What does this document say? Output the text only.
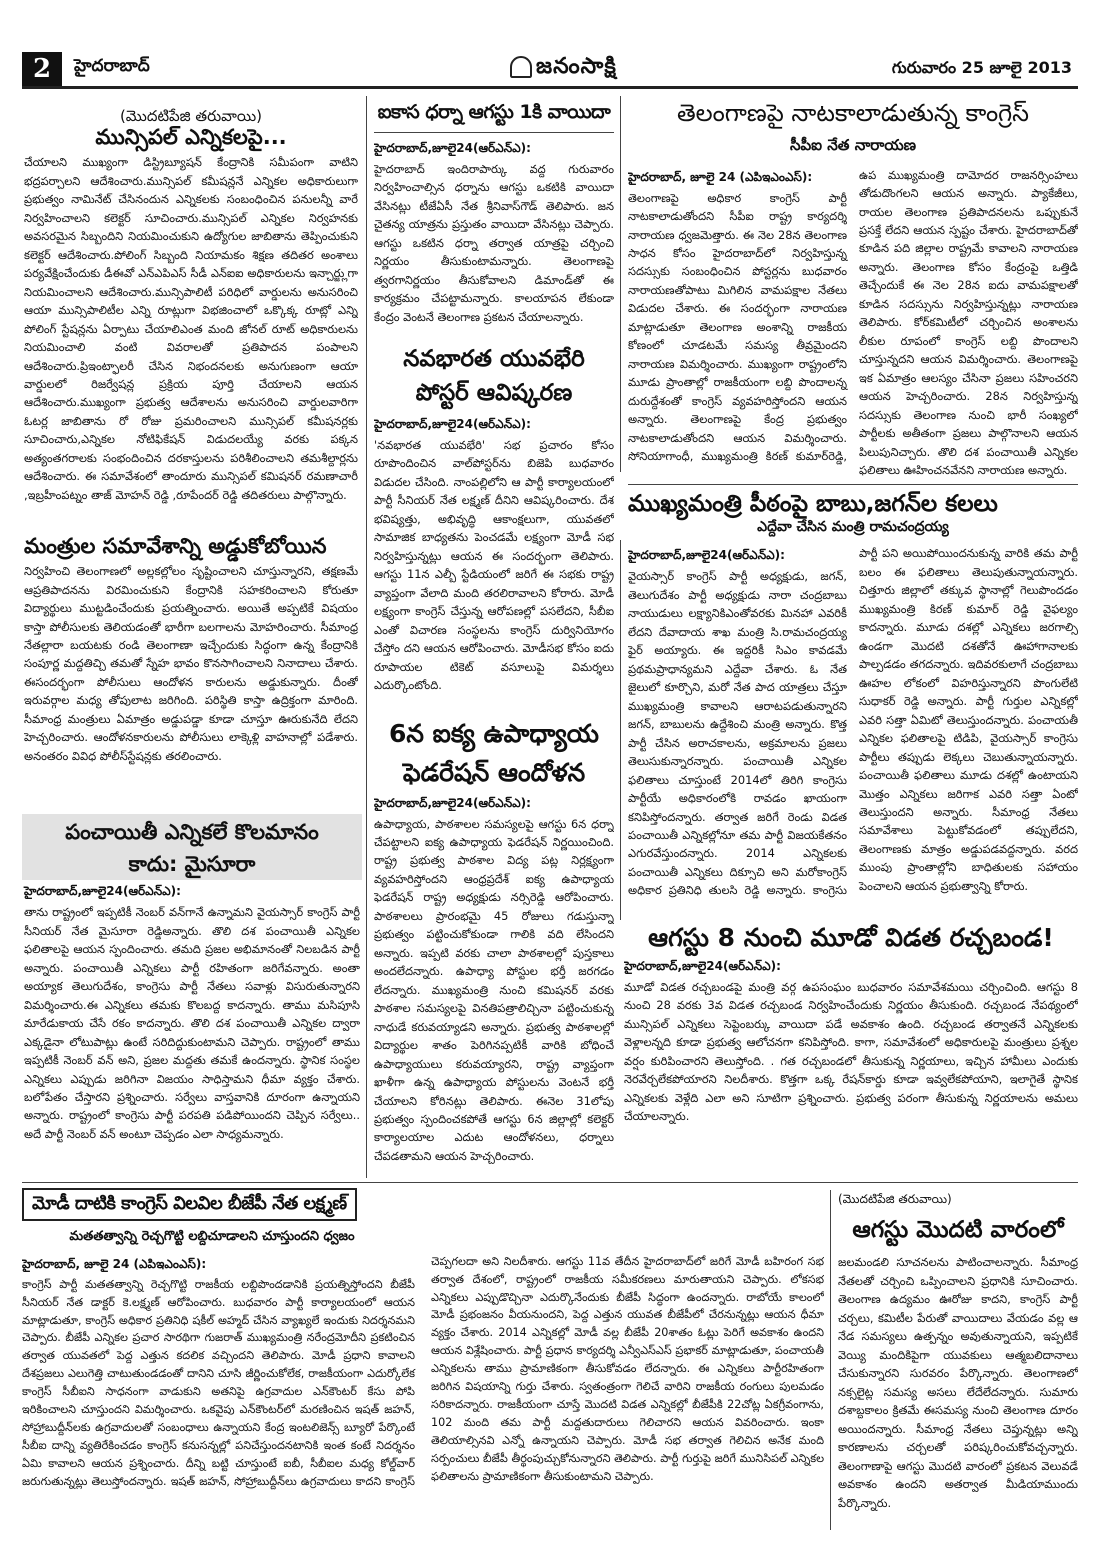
2	హైదరాబాద్	జనంసాక్షి	గురువారం 25 జూలై 2013
(మొదటిపేజి తరువాయి)
మున్సిపల్ ఎన్నికలపై...

చేయాలని ముఖ్యంగా డిస్ట్రిబ్యూషన్ కేంద్రానికి సమీపంగా వాటిని భద్రపర్చాలని ఆదేశించారు.మున్సిపల్ కమీషన్లనే ఎన్నికల అధికారులుగా ప్రభుత్వం నామినేట్ చేసినందున ఎన్నికలకు సంబంధించిన పనులన్నీ వారే నిర్వహించాలని కలెక్టర్ సూచించారు.మున్సిపల్ ఎన్నికల నిర్వహనకు అవసరమైన సిబ్బందిని నియమించుకుని ఉద్యోగుల జాబితాను తెప్పించుకుని కలెక్టర్ ఆదేశించారు.పోలింగ్ సిబ్బంది నియామకం శిక్షణ తదితర అంశాలు పర్యవేక్షించేందుకు డీఈవో ఎన్ఎపిఎస్ సీడీ ఎన్ఐఐ అధికారులను ఇన్చార్జ్లుగా నియమించాలని ఆదేశించారు.మున్సిపాలిటీ పరిధిలో వార్డులను అనుసరించి ఆయా మున్సిపాలిటీల ఎన్ని రూట్లుగా విభజించాలో ఒక్కొక్క రూట్లో ఎన్ని పోలింగ్ స్టేషన్లను ఏర్పాటు చేయాలిఎంత మంది జోనల్ రూట్ అధికారులను నియమించాలి వంటి వివరాలతో ప్రతిపాదన పంపాలని ఆదేశించారు.ప్రిఇంట్ఫాలరీ చేసిన నిభందనలకు అనుగుణంగా ఆయా వార్డులలో రిజర్వేషన్ల ప్రక్రియ పూర్తి చేయాలని ఆయన ఆదేశించారు.ముఖ్యంగా ప్రభుత్వ ఆదేశాలను అనుసరించి వార్డులవారిగా ఓటర్ల జాబితాను రో రోజు ప్రమరించాలని మున్సిపల్ కమీషనర్లకు సూచించారు,ఎన్నికల నోటిఫికేషన్ విడుదలయ్యే వరకు పక్కన అత్యంతగరాలకు సంభందించిన దరకాస్తులను పరిశీలించాలని తమశీల్దార్లను ఆదేశించారు. ఈ సమావేశంలో తాందూరు మున్సిపల్ కమిషనర్ రమణాచారీ ,ఇబ్రహీంపట్నం తాజ్ మోహన్ రెడ్డి ,రూపేందర్ రెడ్డి తదితరులు పాల్గొన్నారు.

మంత్రుల సమావేశాన్ని అడ్డుకోబోయిన

నిర్వహించి తెలంగాణలో అల్లకల్లోలం సృష్టించాలని చూస్తున్నారని, తక్షణమే ఆప్రతిపాదనను విరమించుకుని కేంద్రానికి సహకరించాలని కోరుతూ విద్యార్థులు ముట్టడించేందుకు ప్రయత్నించారు. అయితే అప్పటికే విషయం కాస్తా పోలీసులకు తెలియడంతో భారీగా బలగాలను మోహరించారు. సీమాంధ్ర నేతల్లారా బయటకు రండి తెలంగాణా ఇచ్చేందుకు సిద్ధంగా ఉన్న కేంద్రానికి సంపూర్ణ మద్దతిచ్చి తమతో స్నేహ భావం కొనసాగించాలని నినాదాలు చేశారు. ఈసందర్భంగా పోలీసులు ఆందోళన కారులను అడ్డుకున్నారు. దీంతో ఇరువర్గాల మధ్య తోపులాట జరిగింది. పరిస్థితి కాస్తా ఉద్రిక్తంగా మారింది. సీమాంధ్ర మంత్రులు ఏమాత్రం అడ్డుపడ్డా కూడా చూస్తూ ఊరుకునేది లేదని హెచ్చరించారు. ఆందోళనకారులను పోలీసులు లాక్కెళ్లి వాహనాల్లో పడేశారు. అనంతరం వివిధ పోలీస్‌స్టేషన్లకు తరలించారు.

పంచాయితీ ఎన్నికలే కొలమానం
కాదు: మైసూరా
హైదరాబాద్,జూలై24(ఆర్ఎన్ఎ):

తాను రాష్ట్రంలో ఇప్పటికీ నెంబర్ వన్‌గానే ఉన్నామని వైయస్సార్ కాంగ్రెస్ పార్టీ సీనియర్ నేత మైసూరా రెడ్డిఅన్నారు. తొలి దశ పంచాయితీ ఎన్నికల ఫలితాలపై ఆయన స్పందించారు. తమది ప్రజల అభిమానంతో నిలబడిన పార్టీ అన్నారు. పంచాయితీ ఎన్నికలు పార్టీ రహితంగా జరిగేవన్నారు. అంతా అయ్యాక తెలుగుదేశం, కాంగ్రెసు పార్టీ నేతలు సవాళ్లు విసురుతున్నారని విమర్శించారు.ఈ ఎన్నికలు తమకు కొలబద్ద కాదన్నారు. తాము మసిపూసి మారేడుకాయ చేసే రకం కాదన్నారు. తొలి దశ పంచాయితీ ఎన్నికల ద్వారా ఎక్కడైనా లోటుపాట్లు ఉంటే సరిదిద్దుకుంటామని చెప్పారు. రాష్ట్రంలో తాము ఇప్పటికీ నెంబర్ వన్ అని, ప్రజల మద్దతు తమకే ఉందన్నారు. స్థానిక సంస్థల ఎన్నికలు ఎప్పుడు జరిగినా విజయం సాధిస్తామని ధీమా వ్యక్తం చేశారు. బలోపేతం చేస్తారని ప్రశ్నించారు. సర్వేలు వాస్తవానికి దూరంగా ఉన్నాయని అన్నారు. రాష్ట్రంలో కాంగ్రెసు పార్టీ పరపతి పడిపోయిందని చెప్పిన సర్వేలు.. అదే పార్టీ నెంబర్ వన్ అంటూ చెప్పడం ఎలా సాధ్యమన్నారు.

ఐకాస ధర్నా ఆగస్టు 1కి వాయిదా
హైదరాబాద్,జూలై24(ఆర్ఎన్ఎ):

హైదరాబాద్ ఇందిరాపార్కు వద్ద గురువారం నిర్వహించాల్సిన ధర్నాను ఆగస్టు ఒకటికి వాయిదా వేసినట్లు టీజేఏసీ నేత శ్రీనివాస్‌గౌడ్ తెలిపారు. జన చైతన్య యాత్రను ప్రస్తుతం వాయిదా వేసినట్లు చెప్పారు. ఆగస్టు ఒకటిన ధర్నా తర్వాత యాత్రపై చర్చించి నిర్ణయం తీసుకుంటామన్నారు. తెలంగాణపై త్వరగానిర్ణయం తీసుకోవాలని డిమాండ్‌తో ఈ కార్యక్రమం చేపట్టామన్నారు. కాలయాపన లేకుండా కేంద్రం వెంటనే తెలంగాణ ప్రకటన చేయాలన్నారు.

నవభారత యువభేరి
పోస్టర్ ఆవిష్కరణ
హైదరాబాద్,జూలై24(ఆర్ఎన్ఎ):

'నవభారత యువభేరి' సభ ప్రచారం కోసం రూపొందించిన వాల్‌పోస్టర్‌ను బిజెపి బుధవారం విడుదల చేసింది. నాంపల్లిలోని ఆ పార్టీ కార్యాలయంలో పార్టీ సీనియర్ నేత లక్ష్మణ్ దీనిని ఆవిష్కరించారు. దేశ భవిష్యత్తు, అభివృద్ధి ఆకాంక్షలుగా, యువతలో సామాజిక బాధ్యతను పెంచడమే లక్ష్యంగా మోడీ సభ నిర్వహిస్తున్నట్లు ఆయన ఈ సందర్భంగా తెలిపారు. ఆగస్టు 11న ఎల్బీ స్టేడియంలో జరిగే ఈ సభకు రాష్ట్ర వ్యాప్తంగా వేలాది మంది తరలిరావాలని కోరారు. మోడీ లక్ష్యంగా కాంగ్రెస్ చేస్తున్న ఆరోపణల్లో పసలేదని, సీబీఐ ఎంతో విచారణ సంస్థలను కాంగ్రెస్ దుర్వినియోగం చేస్తోం దని ఆయన ఆరోపించారు. మోడీసభ కోసం ఐదు రూపాయల టికెట్ వసూలుపై విమర్శలు ఎదుర్కొంటోంది.

6న ఐక్య ఉపాధ్యాయ
ఫెడరేషన్ ఆందోళన
హైదరాబాద్,జూలై24(ఆర్ఎన్ఎ):

ఉపాధ్యాయ, పాఠశాలల సమస్యలపై ఆగస్టు 6న ధర్నా చేపట్టాలని ఐక్య ఉపాధ్యాయ ఫెడరేషన్ నిర్ణయించింది. రాష్ట్ర ప్రభుత్వ పాఠశాల విద్య పట్ల నిర్లక్ష్యంగా వ్యవహరిస్తోందని ఆంధ్రప్రదేశ్ ఐక్య ఉపాధ్యాయ ఫెడరేషన్ రాష్ట్ర అధ్యక్షుడు నర్సిరెడ్డి ఆరోపించారు. పాఠశాలలు ప్రారంభమై 45 రోజులు గడుస్తున్నా ప్రభుత్వం పట్టించుకోకుండా గాలికి వది లేసిందని అన్నారు. ఇప్పటి వరకు చాలా పాఠశాలల్లో పుస్తకాలు అందలేదన్నారు. ఉపాధ్యా పోస్టుల భర్తీ జరగడం లేదన్నారు. ముఖ్యమంత్రి నుంచి కమిషనర్ వరకు పాఠశాల సమస్యలపై వినతిపత్రాలిచ్చినా పట్టించుకున్న నాధుడే కరువయ్యాడని అన్నారు. ప్రభుత్వ పాఠశాలల్లో విద్యార్థుల శాతం పెరిగినప్పటికీ వారికి బోధించే ఉపాధ్యాయులు కరువయ్యారని, రాష్ట్ర వ్యాప్తంగా ఖాళీగా ఉన్న ఉపాధ్యాయ పోస్టులను వెంటనే భర్తీ చేయాలని కోరినట్లు తెలిపారు. ఈనెల 31లోపు ప్రభుత్వం స్పందించకపోతే ఆగస్టు 6న జిల్లాల్లో కలెక్టర్ కార్యాలయాల ఎదుట ఆందోళనలు, ధర్నాలు చేపడతామని ఆయన హెచ్చరించారు.

తెలంగాణపై నాటకాలాడుతున్న కాంగ్రెస్
సీపీఐ నేత నారాయణ
హైదరాబాద్, జూలై 24 (ఎపిఇఎంఎస్):

తెలంగాణపై అధికార కాంగ్రెస్ పార్టీ నాటకాలాడుతోందని సీపీఐ రాష్ట్ర కార్యదర్శి నారాయణ ధ్వజమెత్తారు. ఈ నెల 28న తెలంగాణ సాధన కోసం హైదరాబాద్‌లో నిర్వహిస్తున్న సదస్సుకు సంబంధించిన పోస్టర్లను బుధవారం నారాయణతోపాటు మిగిలిన వామపక్షాల నేతలు విడుదల చేశారు. ఈ సందర్భంగా నారాయణ మాట్లాడుతూ తెలంగాణ అంశాన్ని రాజకీయ కోణంలో చూడటమే సమస్య తీవ్రమైందని నారాయణ విమర్శించారు. ముఖ్యంగా రాష్ట్రంలోని మూడు ప్రాంతాల్లో రాజకీయంగా లబ్ది పొందాలన్న దురుద్దేశంతో కాంగ్రెస్ వ్యవహరిస్తోందని ఆయన అన్నారు. తెలంగాణపై కేంద్ర ప్రభుత్వం నాటకాలాడుతోందని ఆయన విమర్శించారు. సోనియాగాంధీ, ముఖ్యమంత్రి కిరణ్ కుమార్‌రెడ్డి, ఉప ముఖ్యమంత్రి దామోదర రాజనర్సింహలు తోడుదొంగలని ఆయన అన్నారు. ప్యాకేజీలు, రాయల తెలంగాణ ప్రతిపాదనలను ఒప్పుకునే ప్రసక్తే లేదని ఆయన స్పష్టం చేశారు. హైదరాబాద్‌తో కూడిన పది జిల్లాల రాష్ట్రమే కావాలని నారాయణ అన్నారు. తెలంగాణ కోసం కేంద్రంపై ఒత్తిడి తెచ్చేందుకే ఈ నెల 28న ఐదు వామపక్షాలతో కూడిన సదస్సును నిర్వహిస్తున్నట్లు నారాయణ తెలిపారు. కోర్‌కమిటీలో చర్చించిన అంశాలను లీకుల రూపంలో కాంగ్రెస్ లబ్ది పొందాలని చూస్తున్నదని ఆయన విమర్శించారు. తెలంగాణపై ఇక ఏమాత్రం ఆలస్యం చేసినా ప్రజలు సహించరని ఆయన హెచ్చరించారు. 28న నిర్వహిస్తున్న సదస్సుకు తెలంగాణ నుంచి భారీ సంఖ్యలో పార్టీలకు అతీతంగా ప్రజలు పాల్గొనాలని ఆయన పిలుపునిచ్చారు. తొలి దశ పంచాయితీ ఎన్నికల ఫలితాలు ఊహించనవేనని నారాయణ అన్నారు.

ముఖ్యమంత్రి పీఠంపై బాబు,జగన్‌ల కలలు
ఎద్దేవా చేసిన మంత్రి రామచంద్రయ్య
హైదరాబాద్,జూలై24(ఆర్ఎన్ఎ):

వైయస్సార్ కాంగ్రెస్ పార్టీ అధ్యక్షుడు, జగన్, తెలుగుదేశం పార్టీ అధ్యక్షుడు నారా చంద్రబాబు నాయుడులు లక్ష్యానికిఎంతోవరకు మినహా ఎవరికీ లేదని దేవాదాయ శాఖ మంత్రి సి.రామచంద్రయ్య ఫైర్ అయ్యారు. ఈ ఇద్దరికీ సిఎం కావడమే ప్రథమప్రాధాన్యమని ఎద్దేవా చేశారు. ఓ నేత జైలులో కూర్చొని, మరో నేత పాద యాత్రలు చేస్తూ ముఖ్యమంత్రి కావాలని ఆరాటపడుతున్నారని జగన్, బాబులను ఉద్దేశించి మంత్రి అన్నారు. కొత్త పార్టీ చేసిన అరాచకాలను, అక్రమాలను ప్రజలు తెలుసుకున్నారన్నారు. పంచాయితీ ఎన్నికల ఫలితాలు చూస్తుంటే 2014లో తిరిగి కాంగ్రెసు పార్టీయే అధికారంలోకి రావడం ఖాయంగా కనిపిస్తోందన్నారు. తర్వాత జరిగే రెండు విడత పంచాయితీ ఎన్నికల్లోనూ తమ పార్టీ విజయకేతనం ఎగురవేస్తుందన్నారు. 2014 ఎన్నికలకు పంచాయితీ ఎన్నికలు దిక్సూచి అని మరోకాంగ్రెస్ అధికార ప్రతినిధి తులసి రెడ్డి అన్నారు. కాంగ్రెసు పార్టీ పని అయిపోయిందనుకున్న వారికి తమ పార్టీ బలం ఈ ఫలితాలు తెలుపుతున్నాయన్నారు. చిత్తూరు జిల్లాలో తక్కువ స్థానాల్లో గెలుపొందడం ముఖ్యమంత్రి కిరణ్ కుమార్ రెడ్డి వైఫల్యం కాదన్నారు. మూడు దశల్లో ఎన్నికలు జరగాల్సి ఉండగా మొదటి దశతోనే ఊహాగానాలకు పాల్పడడం తగదన్నారు. ఇదివరకులాగే చంద్రబాబు ఊహల లోకంలో విహరిస్తున్నారని పొంగులేటి సుధాకర్ రెడ్డి అన్నారు. పార్టీ గుర్తుల ఎన్నికల్లో ఎవరి సత్తా ఏమిటో తెలుస్తుందన్నారు. పంచాయతీ ఎన్నికల ఫలితాలపై టిడిపి, వైయస్సార్ కాంగ్రెసు పార్టీలు తప్పుడు లెక్కలు చెబుతున్నాయన్నారు. పంచాయితీ ఫలితాలు మూడు దశల్లో ఉంటాయని మొత్తం ఎన్నికలు జరిగాక ఎవరి సత్తా ఏంటో తెలుస్తుందని అన్నారు. సీమాంధ్ర నేతలు సమావేశాలు పెట్టుకోవడంలో తప్పులేదని, తెలంగాణకు మాత్రం అడ్డుపడవద్దన్నారు. వరద ముంపు ప్రాంతాల్లోని బాధితులకు సహాయం పెంచాలని ఆయన ప్రభుత్వాన్ని కోరారు.

ఆగస్టు 8 నుంచి మూడో విడత రచ్చబండ!
హైదరాబాద్,జూలై24(ఆర్ఎన్ఎ):

మూడో విడత రచ్చబండపై మంత్రి వర్గ ఉపసంఘం బుధవారం సమావేశమయి చర్చించింది. ఆగస్టు 8 నుంచి 28 వరకు 3వ విడత రచ్చబండ నిర్వహించేందుకు నిర్ణయం తీసుకుంది. రచ్చబండ నేపథ్యంలో మున్సిపల్ ఎన్నికలు సెప్టెంబర్కు వాయిదా పడే అవకాశం ఉంది. రచ్చబండ తర్వాతనే ఎన్నికలకు వెళ్లాలన్నది కూడా ప్రభుత్వ ఆలోచనగా కనిపిస్తోంది. కాగా, సమావేశంలో అధికారులపై మంత్రులు ప్రశ్నల వర్షం కురిపించారని తెలుస్తోంది. . గత రచ్చబండలో తీసుకున్న నిర్ణయాలు, ఇచ్చిన హామీలు ఎందుకు నెరవేర్చలేకపోయారని నిలదీశారు. కొత్తగా ఒక్క రేషన్‌కార్డు కూడా ఇవ్వలేకపోయాని, ఇలాగైతే స్థానిక ఎన్నికలకు వెళ్లేది ఎలా అని సూటిగా ప్రశ్నించారు. ప్రభుత్వ పరంగా తీసుకున్న నిర్ణయాలను అమలు చేయాలన్నారు.

మోడీ దాటికి కాంగ్రెస్ విలవిల బీజేపీ నేత లక్ష్మణ్
మతతత్వాన్ని రెచ్చగొట్టి లబ్దిచూడాలని చూస్తుందని ధ్వజం
హైదరాబాద్, జూలై 24 (ఎపిఇఎంఎస్):

కాంగ్రెస్ పార్టీ మతతత్వాన్ని రెచ్చగొట్టి రాజకీయ లబ్దిపొందడానికి ప్రయత్నిస్తోందని బీజేపీ సీనియర్ నేత డాక్టర్ కె.లక్ష్మణ్ ఆరోపించారు. బుధవారం పార్టీ కార్యాలయంలో ఆయన మాట్లాడుతూ, కాంగ్రెస్ అధికార ప్రతినిధి షకీల్ అహ్మద్ చేసిన వ్యాఖ్యలే ఇందుకు నిదర్శనమని చెప్పారు. బీజేపీ ఎన్నికల ప్రచార సారథిగా గుజరాత్ ముఖ్యమంత్రి నరేంద్రమోదీని ప్రకటించిన తర్వాత యువతలో పెద్ద ఎత్తున కదలిక వచ్చిందని తెలిపారు. మోడీ ప్రధాని కావాలని దేశప్రజలు ఎలుగెత్తి చాటుతుండడంతో దానిని చూసి జీర్ణించుకోలేక, రాజకీయంగా ఎదుర్కోలేక కాంగ్రెస్ సీబీఐని సాధనంగా వాడుకుని అతనిపై ఉగ్రవాదుల ఎన్‌కౌంటర్ కేసు పోపి ఇరికించాలని చూస్తుందని విమర్శించారు. ఒకవైపు ఎన్‌కౌంటర్‌లో మరణించిన ఇషత్ జహన్, సోహ్రాబుద్దీన్‌లకు ఉగ్రవాదులతో సంబంధాలు ఉన్నాయని కేంద్ర ఇంటలిజెన్స్ బ్యూరో పేర్కొంటే సీబీఐ దాన్ని వ్యతిరేకించడం కాంగ్రెస్ కనుసన్నల్లో పనిచేస్తుందనటానికి ఇంత కంటే నిదర్శనం ఏమి కావాలని ఆయన ప్రశ్నించారు. దీన్ని బట్టి చూస్తుంటే ఐబీ, సీబీఐల మధ్య కోల్డ్‌వార్ జరుగుతున్నట్లు తెలుస్తోందన్నారు. ఇషత్ జహన్, సోహ్రాబుద్దీన్‌లు ఉగ్రవాదులు కాదని కాంగ్రెస్ చెప్పగలదా అని నిలదీశారు. ఆగస్టు 11వ తేదీన హైదరాబాద్‌లో జరిగే మోడీ బహిరంగ సభ తర్వాత దేశంలో, రాష్ట్రంలో రాజకీయ సమీకరణలు మారుతాయని చెప్పారు. లోకసభ ఎన్నికలు ఎప్పుడొచ్చినా ఎదుర్కొనేందుకు బీజేపీ సిద్ధంగా ఉందన్నారు. రాబోయే కాలంలో మోడీ ప్రభంజనం వీయనుందని, పెద్ద ఎత్తున యువత బీజేపీలో చేరనున్నట్లు ఆయన ధీమా వ్యక్తం చేశారు. 2014 ఎన్నికల్లో మోడీ వల్ల బీజేపీ 20శాతం ఓట్లు పెరిగే అవకాశం ఉందని ఆయన విశ్లేషించారు. పార్టీ ప్రధాన కార్యదర్శి ఎన్వీఎస్ఎస్ ప్రభాకర్ మాట్లాడుతూ, పంచాయతీ ఎన్నికలను తాము ప్రామాణికంగా తీసుకోవడం లేదన్నారు. ఈ ఎన్నికలు పార్టీరహితంగా జరిగిన విషయాన్ని గుర్తు చేశారు. స్వతంత్రంగా గెలిచే వారిని రాజకీయ రంగులు పులమడం సరికాదన్నారు. రాజకీయంగా చూస్తే మొదటి విడత ఎన్నికల్లో బీజేపీకి 22చోట్ల ఏకగ్రీవంగాను, 102 మంది తమ పార్టీ మద్దతుదారులు గెలిచారని ఆయన వివరించారు. ఇంకా తెలియాల్సినవి ఎన్నో ఉన్నాయని చెప్పారు. మోడీ సభ తర్వాత గెలిచిన అనేక మంది సర్పంచులు బీజేపీ తీర్థంపుచ్చుకోనున్నారని తెలిపారు. పార్టీ గుర్తుపై జరిగే మునిసిపల్ ఎన్నికల ఫలితాలను ప్రామాణికంగా తీసుకుంటామని చెప్పారు.

(మొదటిపేజి తరువాయి)
ఆగస్టు మొదటి వారంలో

జలమండలి సూచనలను పాటించాలన్నారు. సీమాంధ్ర నేతలతో చర్చించి ఒప్పించాలని ప్రధానికి సూచించారు. తెలంగాణ ఉద్యమం ఊరోజు కాదని, కాంగ్రెస్ పార్టీ చర్చలు, కమిటీల పేరుతో వాయిదాలు వేయడం వల్ల ఆ నేడ సమస్యలు ఉత్పన్నం అవుతున్నాయని, ఇప్పటికే వెయ్యి మందికిపైగా యువకులు ఆత్మబలిదానాలు చేసుకున్నారని సురవరం పేర్కొన్నారు. తెలంగాణలో నక్సలైట్ల సమస్య అసలు లేదేలేదన్నారు. సుమారు దశాబ్దకాలం క్రితమే ఈసమస్య నుంచి తెలంగాణ దూరం అయిందన్నారు. సీమాంధ్ర నేతలు చెప్తున్నట్లు అన్ని కారణాలను చర్చలతో పరిష్కరించుకోవచ్చన్నారు. తెలంగాణాపై ఆగస్టు మొదటి వారంలో ప్రకటన వెలువడే అవకాశం ఉందని అతర్వాత మీడియాముందు పేర్కొన్నారు.
